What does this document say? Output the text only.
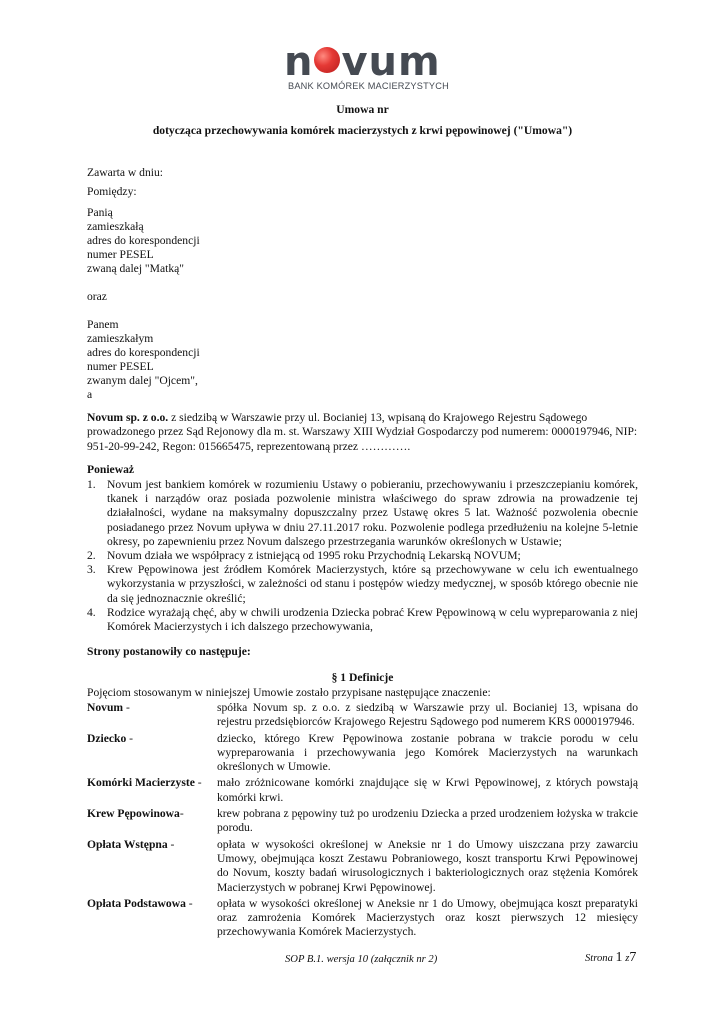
n vum
BANK KOMÓREK MACIERZYSTYCH
Umowa nr
dotycząca przechowywania komórek macierzystych z krwi pępowinowej ("Umowa")
Zawarta w dniu:
Pomiędzy:
Panią
zamieszkałą
adres do korespondencji
numer PESEL
zwaną dalej "Matką"
oraz
Panem
zamieszkałym
adres do korespondencji
numer PESEL
zwanym dalej "Ojcem",
a
Novum sp. z o.o. z siedzibą w Warszawie przy ul. Bocianiej 13, wpisaną do Krajowego Rejestru Sądowego prowadzonego przez Sąd Rejonowy dla m. st. Warszawy XIII Wydział Gospodarczy pod numerem: 0000197946, NIP: 951-20-99-242, Regon: 015665475, reprezentowaną przez ………….
Ponieważ
1. Novum jest bankiem komórek w rozumieniu Ustawy o pobieraniu, przechowywaniu i przeszczepianiu komórek, tkanek i narządów oraz posiada pozwolenie ministra właściwego do spraw zdrowia na prowadzenie tej działalności, wydane na maksymalny dopuszczalny przez Ustawę okres 5 lat. Ważność pozwolenia obecnie posiadanego przez Novum upływa w dniu 27.11.2017 roku. Pozwolenie podlega przedłużeniu na kolejne 5-letnie okresy, po zapewnieniu przez Novum dalszego przestrzegania warunków określonych w Ustawie;
2. Novum działa we współpracy z istniejącą od 1995 roku Przychodnią Lekarską NOVUM;
3. Krew Pępowinowa jest źródłem Komórek Macierzystych, które są przechowywane w celu ich ewentualnego wykorzystania w przyszłości, w zależności od stanu i postępów wiedzy medycznej, w sposób którego obecnie nie da się jednoznacznie określić;
4. Rodzice wyrażają chęć, aby w chwili urodzenia Dziecka pobrać Krew Pępowinową w celu wypreparowania z niej Komórek Macierzystych i ich dalszego przechowywania,
Strony postanowiły co następuje:
§ 1 Definicje
Pojęciom stosowanym w niniejszej Umowie zostało przypisane następujące znaczenie:
Novum -	spółka Novum sp. z o.o. z siedzibą w Warszawie przy ul. Bocianiej 13, wpisana do rejestru przedsiębiorców Krajowego Rejestru Sądowego pod numerem KRS 0000197946.
Dziecko -	dziecko, którego Krew Pępowinowa zostanie pobrana w trakcie porodu w celu wypreparowania i przechowywania jego Komórek Macierzystych na warunkach określonych w Umowie.
Komórki Macierzyste -	mało zróżnicowane komórki znajdujące się w Krwi Pępowinowej, z których powstają komórki krwi.
Krew Pępowinowa-	krew pobrana z pępowiny tuż po urodzeniu Dziecka a przed urodzeniem łożyska w trakcie porodu.
Opłata Wstępna -	opłata w wysokości określonej w Aneksie nr 1 do Umowy uiszczana przy zawarciu Umowy, obejmująca koszt Zestawu Pobraniowego, koszt transportu Krwi Pępowinowej do Novum, koszty badań wirusologicznych i bakteriologicznych oraz stężenia Komórek Macierzystych w pobranej Krwi Pępowinowej.
Opłata Podstawowa -	opłata w wysokości określonej w Aneksie nr 1 do Umowy, obejmująca koszt preparatyki oraz zamrożenia Komórek Macierzystych oraz koszt pierwszych 12 miesięcy przechowywania Komórek Macierzystych.
SOP B.1. wersja 10 (załącznik nr 2)	Strona 1 z7
